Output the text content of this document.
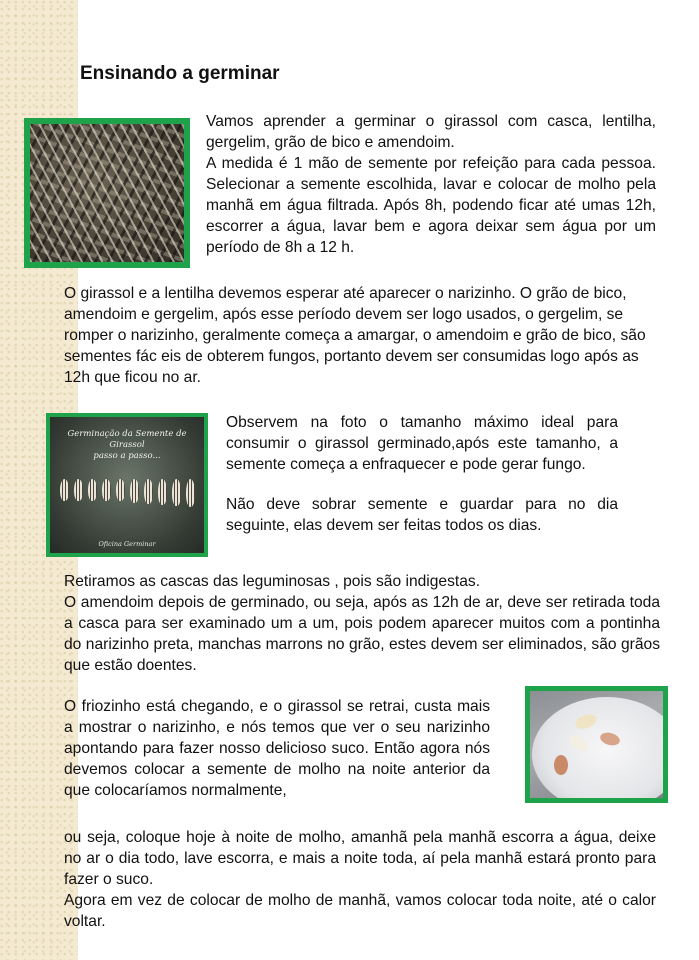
Ensinando a germinar

Vamos aprender a germinar o girassol com casca, lentilha, gergelim, grão de bico e amendoim.

A medida é 1 mão de semente por refeição para cada pessoa. Selecionar a semente escolhida, lavar e colocar de molho pela manhã em água filtrada. Após 8h, podendo ficar até umas 12h, escorrer a água, lavar bem e agora deixar sem água por um período de 8h a 12 h.

O girassol e a lentilha devemos esperar até aparecer o narizinho. O grão de bico, amendoim e gergelim, após esse período devem ser logo usados, o gergelim, se romper o narizinho, geralmente começa a amargar, o amendoim e grão de bico, são sementes fác eis de obterem fungos, portanto devem ser consumidas logo após as 12h que ficou no ar.

Germinação da Semente de Girassol
passo a passo...
Oficina Germinar

Observem na foto o tamanho máximo ideal para consumir o girassol germinado,após este tamanho, a semente começa a enfraquecer e pode gerar fungo.

Não deve sobrar semente e guardar para no dia seguinte, elas devem ser feitas todos os dias.

Retiramos as cascas das leguminosas , pois são indigestas.

O amendoim depois de germinado, ou seja, após as 12h de ar, deve ser retirada toda a casca para ser examinado um a um, pois podem aparecer muitos com a pontinha do narizinho preta, manchas marrons no grão, estes devem ser eliminados, são grãos que estão doentes.

O friozinho está chegando, e o girassol se retrai, custa mais a mostrar o narizinho, e nós temos que ver o seu narizinho apontando para fazer nosso delicioso suco. Então agora nós devemos colocar a semente de molho na noite anterior da que colocaríamos normalmente,

ou seja, coloque hoje à noite de molho, amanhã pela manhã escorra a água, deixe no ar o dia todo, lave escorra, e mais a noite toda, aí pela manhã estará pronto para fazer o suco.

Agora em vez de colocar de molho de manhã, vamos colocar toda noite, até o calor voltar.
